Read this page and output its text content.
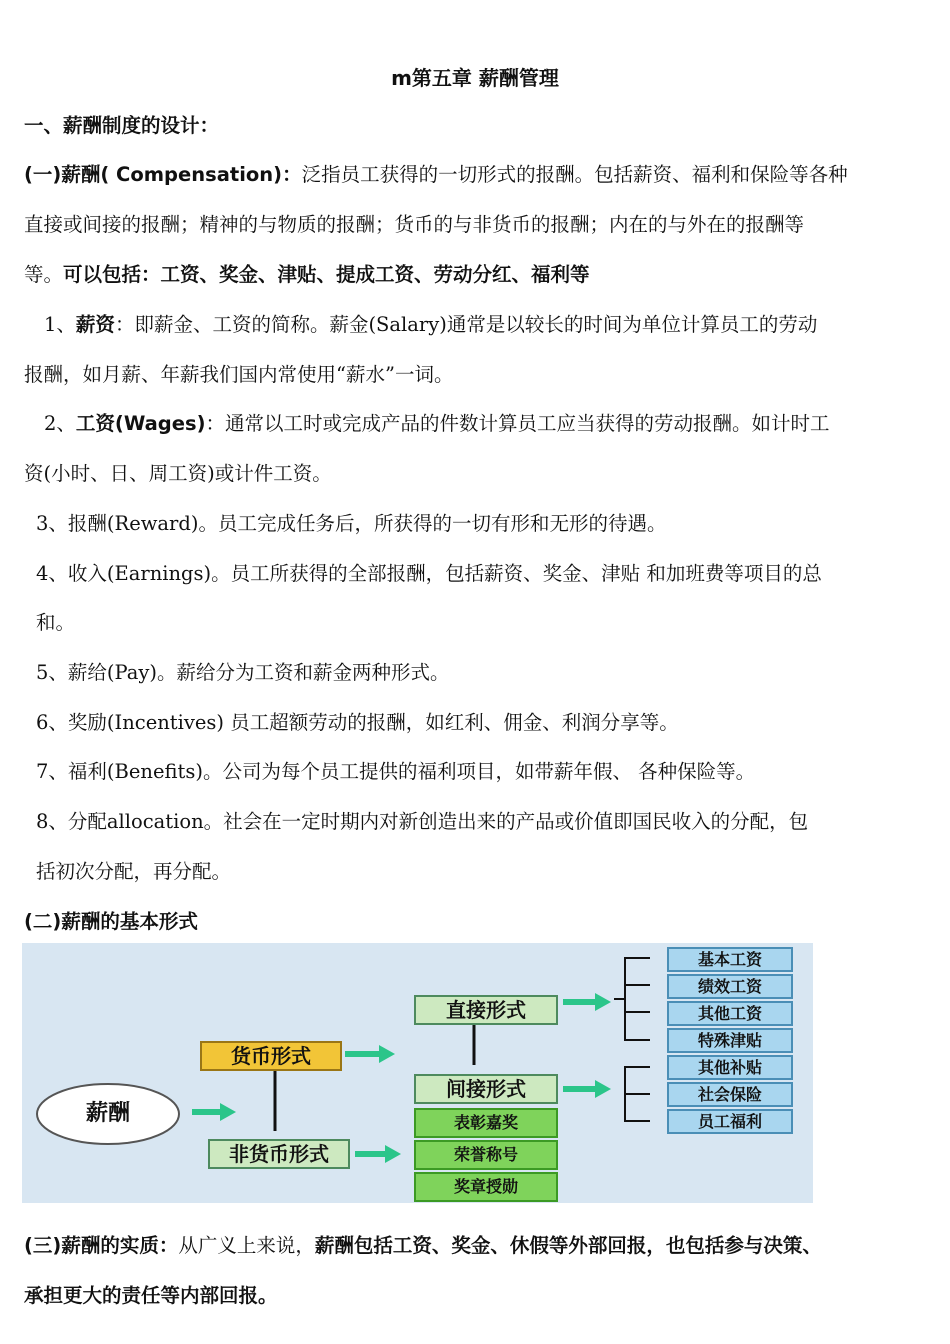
m第五章 薪酬管理
一、薪酬制度的设计：
(一)薪酬( Compensation)：泛指员工获得的一切形式的报酬。包括薪资、福利和保险等各种
直接或间接的报酬；精神的与物质的报酬；货币的与非货币的报酬；内在的与外在的报酬等
等。可以包括：工资、奖金、津贴、提成工资、劳动分红、福利等
1、薪资：即薪金、工资的简称。薪金(Salary)通常是以较长的时间为单位计算员工的劳动
报酬，如月薪、年薪我们国内常使用“薪水”一词。
2、工资(Wages)：通常以工时或完成产品的件数计算员工应当获得的劳动报酬。如计时工
资(小时、日、周工资)或计件工资。
3、报酬(Reward)。员工完成任务后，所获得的一切有形和无形的待遇。
4、收入(Earnings)。员工所获得的全部报酬，包括薪资、奖金、津贴 和加班费等项目的总
和。
5、薪给(Pay)。薪给分为工资和薪金两种形式。
6、奖励(Incentives) 员工超额劳动的报酬，如红利、佣金、利润分享等。
7、福利(Benefits)。公司为每个员工提供的福利项目，如带薪年假、 各种保险等。
8、分配allocation。社会在一定时期内对新创造出来的产品或价值即国民收入的分配，包
括初次分配，再分配。
(二)薪酬的基本形式
薪酬
货币形式
非货币形式
直接形式
间接形式
表彰嘉奖
荣誉称号
奖章授勋
基本工资
绩效工资
其他工资
特殊津贴
其他补贴
社会保险
员工福利
(三)薪酬的实质：从广义上来说，薪酬包括工资、奖金、休假等外部回报，也包括参与决策、
承担更大的责任等内部回报。
